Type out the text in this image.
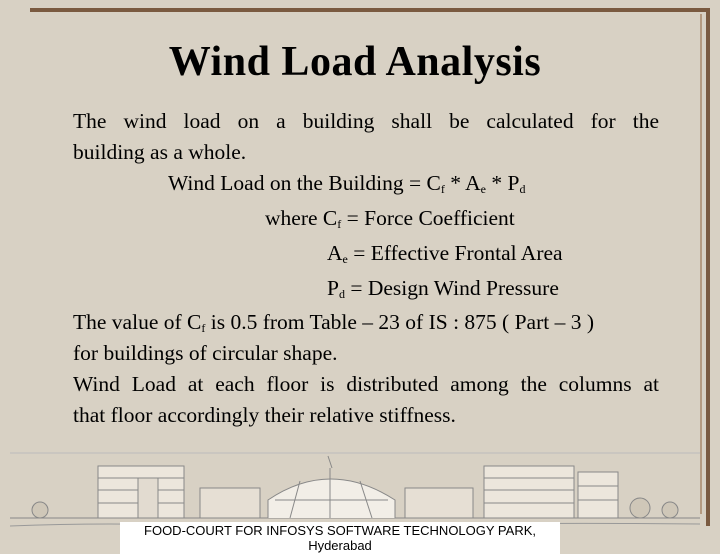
Wind Load Analysis
The wind load on a building shall be calculated for the
building as a whole.
Wind Load on the Building = $C_f * A_e * P_d$
where $C_f$ = Force Coefficient
$A_e$ = Effective Frontal Area
$P_d$ = Design Wind Pressure
The value of $C_f$ is 0.5 from Table – 23 of IS : 875 ( Part – 3 )
for buildings of circular shape.
Wind Load at each floor is distributed among the columns at
that floor accordingly their relative stiffness.
FOOD-COURT FOR INFOSYS SOFTWARE TECHNOLOGY PARK, Hyderabad
